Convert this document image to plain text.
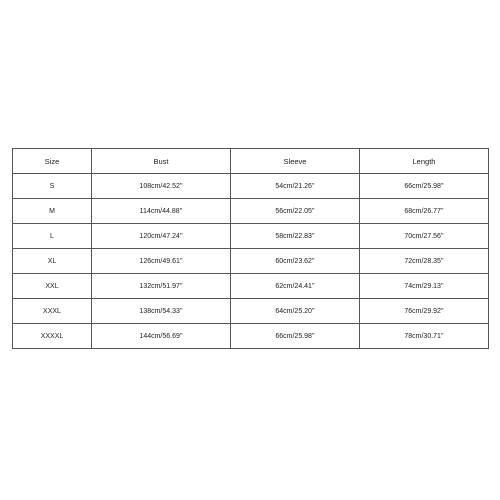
Size	Bust	Sleeve	Length
S	108cm/42.52''	54cm/21.26''	66cm/25.98''
M	114cm/44.88''	56cm/22.05''	68cm/26.77''
L	120cm/47.24''	58cm/22.83''	70cm/27.56''
XL	126cm/49.61''	60cm/23.62''	72cm/28.35''
XXL	132cm/51.97''	62cm/24.41''	74cm/29.13''
XXXL	138cm/54.33''	64cm/25.20''	76cm/29.92''
XXXXL	144cm/56.69''	66cm/25.98''	78cm/30.71''
